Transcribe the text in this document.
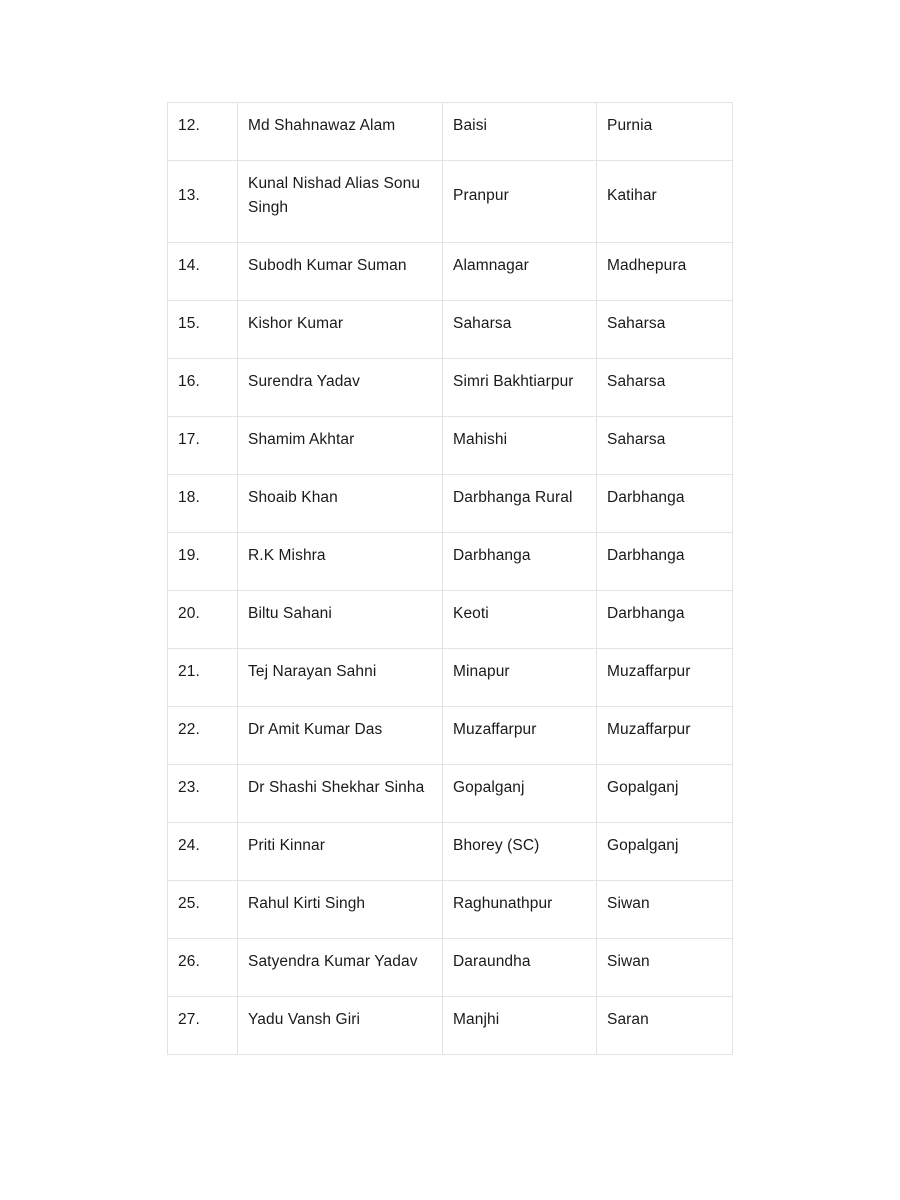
12.	Md Shahnawaz Alam	Baisi	Purnia
13.	Kunal Nishad Alias Sonu Singh	Pranpur	Katihar
14.	Subodh Kumar Suman	Alamnagar	Madhepura
15.	Kishor Kumar	Saharsa	Saharsa
16.	Surendra Yadav	Simri Bakhtiarpur	Saharsa
17.	Shamim Akhtar	Mahishi	Saharsa
18.	Shoaib Khan	Darbhanga Rural	Darbhanga
19.	R.K Mishra	Darbhanga	Darbhanga
20.	Biltu Sahani	Keoti	Darbhanga
21.	Tej Narayan Sahni	Minapur	Muzaffarpur
22.	Dr Amit Kumar Das	Muzaffarpur	Muzaffarpur
23.	Dr Shashi Shekhar Sinha	Gopalganj	Gopalganj
24.	Priti Kinnar	Bhorey (SC)	Gopalganj
25.	Rahul Kirti Singh	Raghunathpur	Siwan
26.	Satyendra Kumar Yadav	Daraundha	Siwan
27.	Yadu Vansh Giri	Manjhi	Saran
